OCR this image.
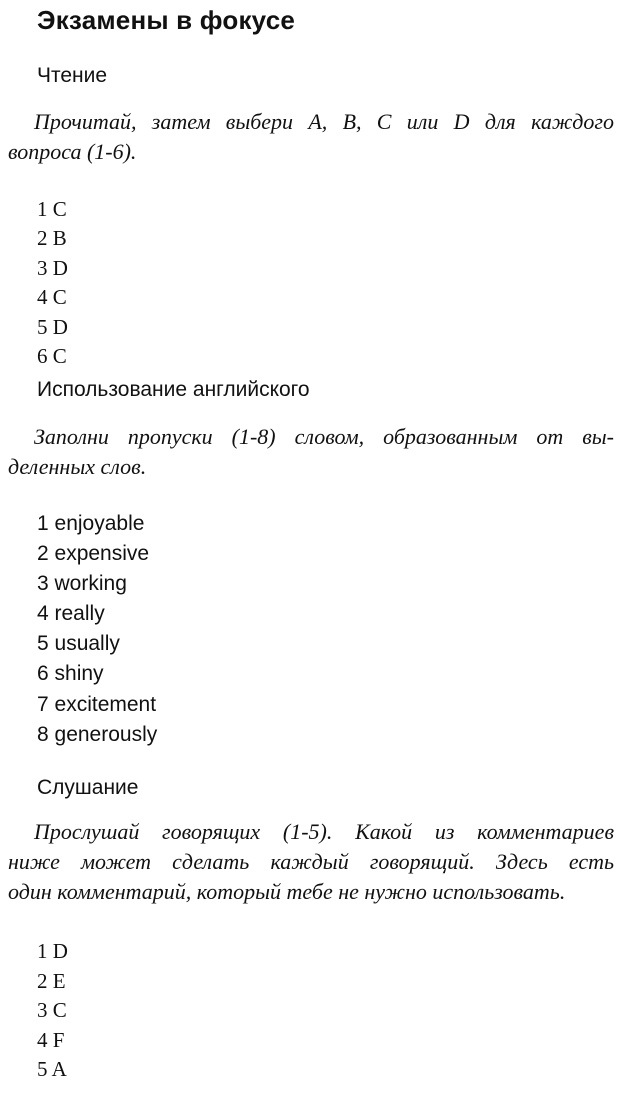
Экзамены в фокусе
Чтение
Прочитай, затем выбери A, B, C или D для каждого
вопроса (1-6).
1 C
2 B
3 D
4 C
5 D
6 C
Использование английского
Заполни пропуски (1-8) словом, образованным от вы-
деленных слов.
1 enjoyable
2 expensive
3 working
4 really
5 usually
6 shiny
7 excitement
8 generously
Слушание
Прослушай говорящих (1-5). Какой из комментариев
ниже может сделать каждый говорящий. Здесь есть
один комментарий, который тебе не нужно использовать.
1 D
2 E
3 C
4 F
5 A
